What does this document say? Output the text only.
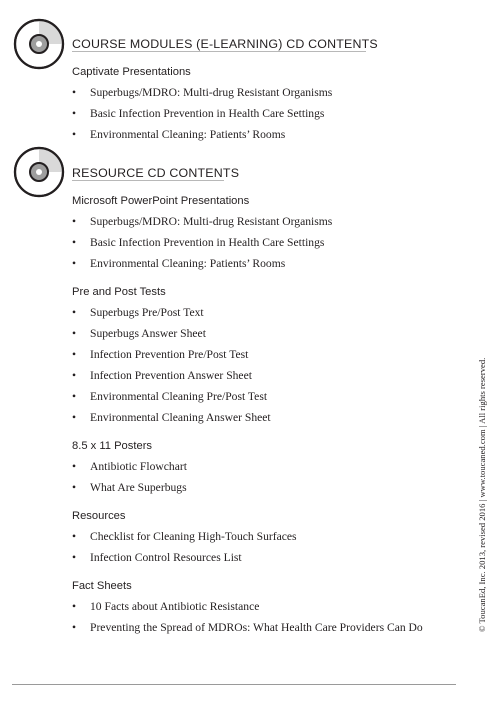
COURSE MODULES (E-LEARNING) CD CONTENTS
Captivate Presentations
• Superbugs/MDRO: Multi-drug Resistant Organisms
• Basic Infection Prevention in Health Care Settings
• Environmental Cleaning: Patients’ Rooms
RESOURCE CD CONTENTS
Microsoft PowerPoint Presentations
• Superbugs/MDRO: Multi-drug Resistant Organisms
• Basic Infection Prevention in Health Care Settings
• Environmental Cleaning: Patients’ Rooms
Pre and Post Tests
• Superbugs Pre/Post Text
• Superbugs Answer Sheet
• Infection Prevention Pre/Post Test
• Infection Prevention Answer Sheet
• Environmental Cleaning Pre/Post Test
• Environmental Cleaning Answer Sheet
8.5 x 11 Posters
• Antibiotic Flowchart
• What Are Superbugs
Resources
• Checklist for Cleaning High-Touch Surfaces
• Infection Control Resources List
Fact Sheets
• 10 Facts about Antibiotic Resistance
• Preventing the Spread of MDROs: What Health Care Providers Can Do	© ToucanEd, Inc. 2013, revised 2016 | www.toucaned.com | All rights reserved.
